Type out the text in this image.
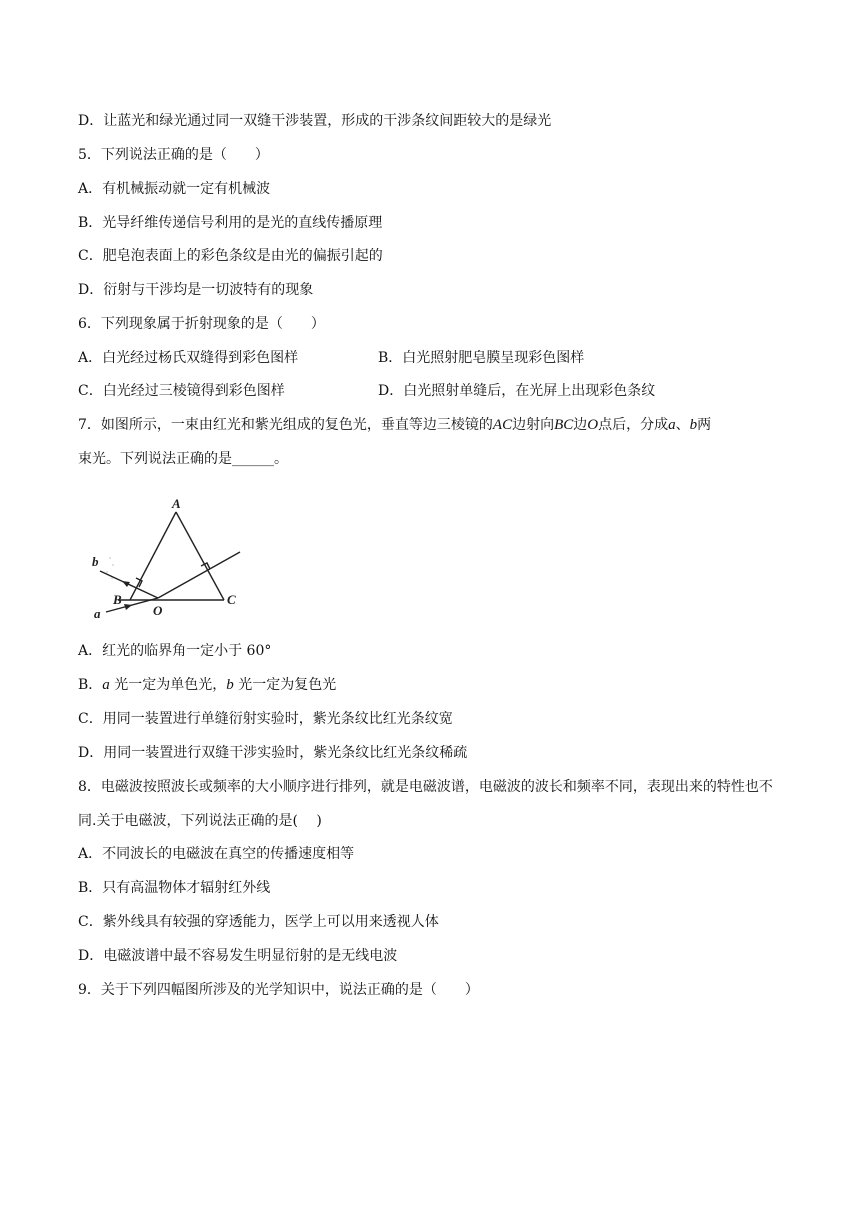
D．让蓝光和绿光通过同一双缝干涉装置，形成的干涉条纹间距较大的是绿光
5．下列说法正确的是（　　）
A．有机械振动就一定有机械波
B．光导纤维传递信号利用的是光的直线传播原理
C．肥皂泡表面上的彩色条纹是由光的偏振引起的
D．衍射与干涉均是一切波特有的现象
6．下列现象属于折射现象的是（　　）
A．白光经过杨氏双缝得到彩色图样	B．白光照射肥皂膜呈现彩色图样
C．白光经过三棱镜得到彩色图样	D．白光照射单缝后，在光屏上出现彩色条纹
7．如图所示，一束由红光和紫光组成的复色光，垂直等边三棱镜的AC边射向BC边O点后，分成a、b两
束光。下列说法正确的是______。
A
B	C
O
a
b
A．红光的临界角一定小于 60°
B．a 光一定为单色光，b 光一定为复色光
C．用同一装置进行单缝衍射实验时，紫光条纹比红光条纹宽
D．用同一装置进行双缝干涉实验时，紫光条纹比红光条纹稀疏
8．电磁波按照波长或频率的大小顺序进行排列，就是电磁波谱，电磁波的波长和频率不同，表现出来的特性也不同.关于电磁波，下列说法正确的是(　 )
A．不同波长的电磁波在真空的传播速度相等
B．只有高温物体才辐射红外线
C．紫外线具有较强的穿透能力，医学上可以用来透视人体
D．电磁波谱中最不容易发生明显衍射的是无线电波
9．关于下列四幅图所涉及的光学知识中，说法正确的是（　　）
